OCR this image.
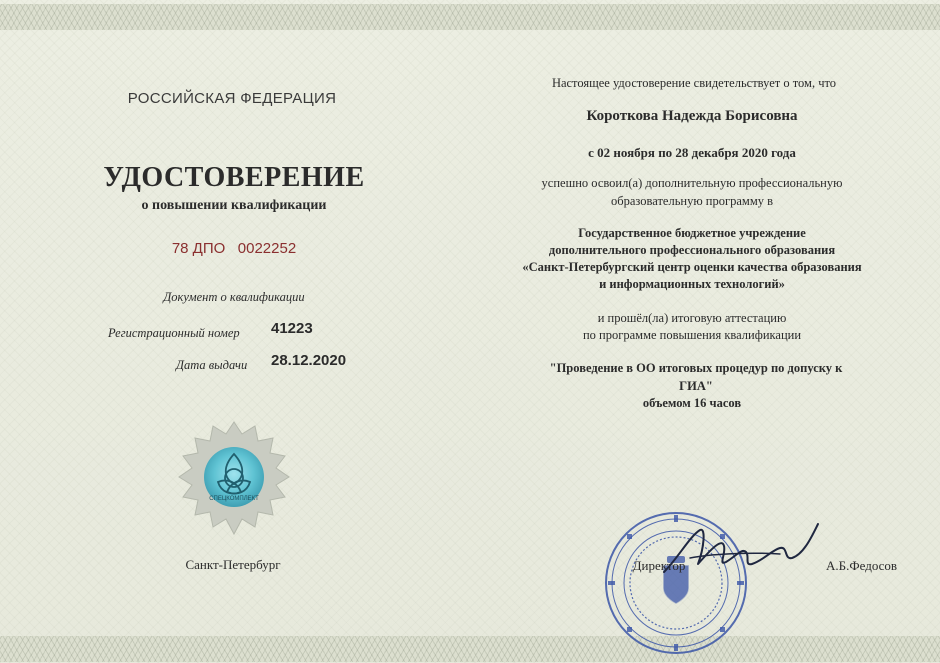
РОССИЙСКАЯ ФЕДЕРАЦИЯ
УДОСТОВЕРЕНИЕ
о повышении квалификации
78 ДПО   0022252
Документ о квалификации
Регистрационный номер 41223
Дата выдачи 28.12.2020
СПЕЦКОМПЛЕКТ
Санкт-Петербург
Настоящее удостоверение свидетельствует о том, что
Короткова Надежда Борисовна
с 02 ноября по 28 декабря 2020 года
успешно освоил(а) дополнительную профессиональную
образовательную программу в
Государственное бюджетное учреждение
дополнительного профессионального образования
«Санкт-Петербургский центр оценки качества образования
и информационных технологий»
и прошёл(ла) итоговую аттестацию
по программе повышения квалификации
"Проведение в ОО итоговых процедур по допуску к
ГИА"
объемом 16 часов
Директор	А.Б.Федосов
